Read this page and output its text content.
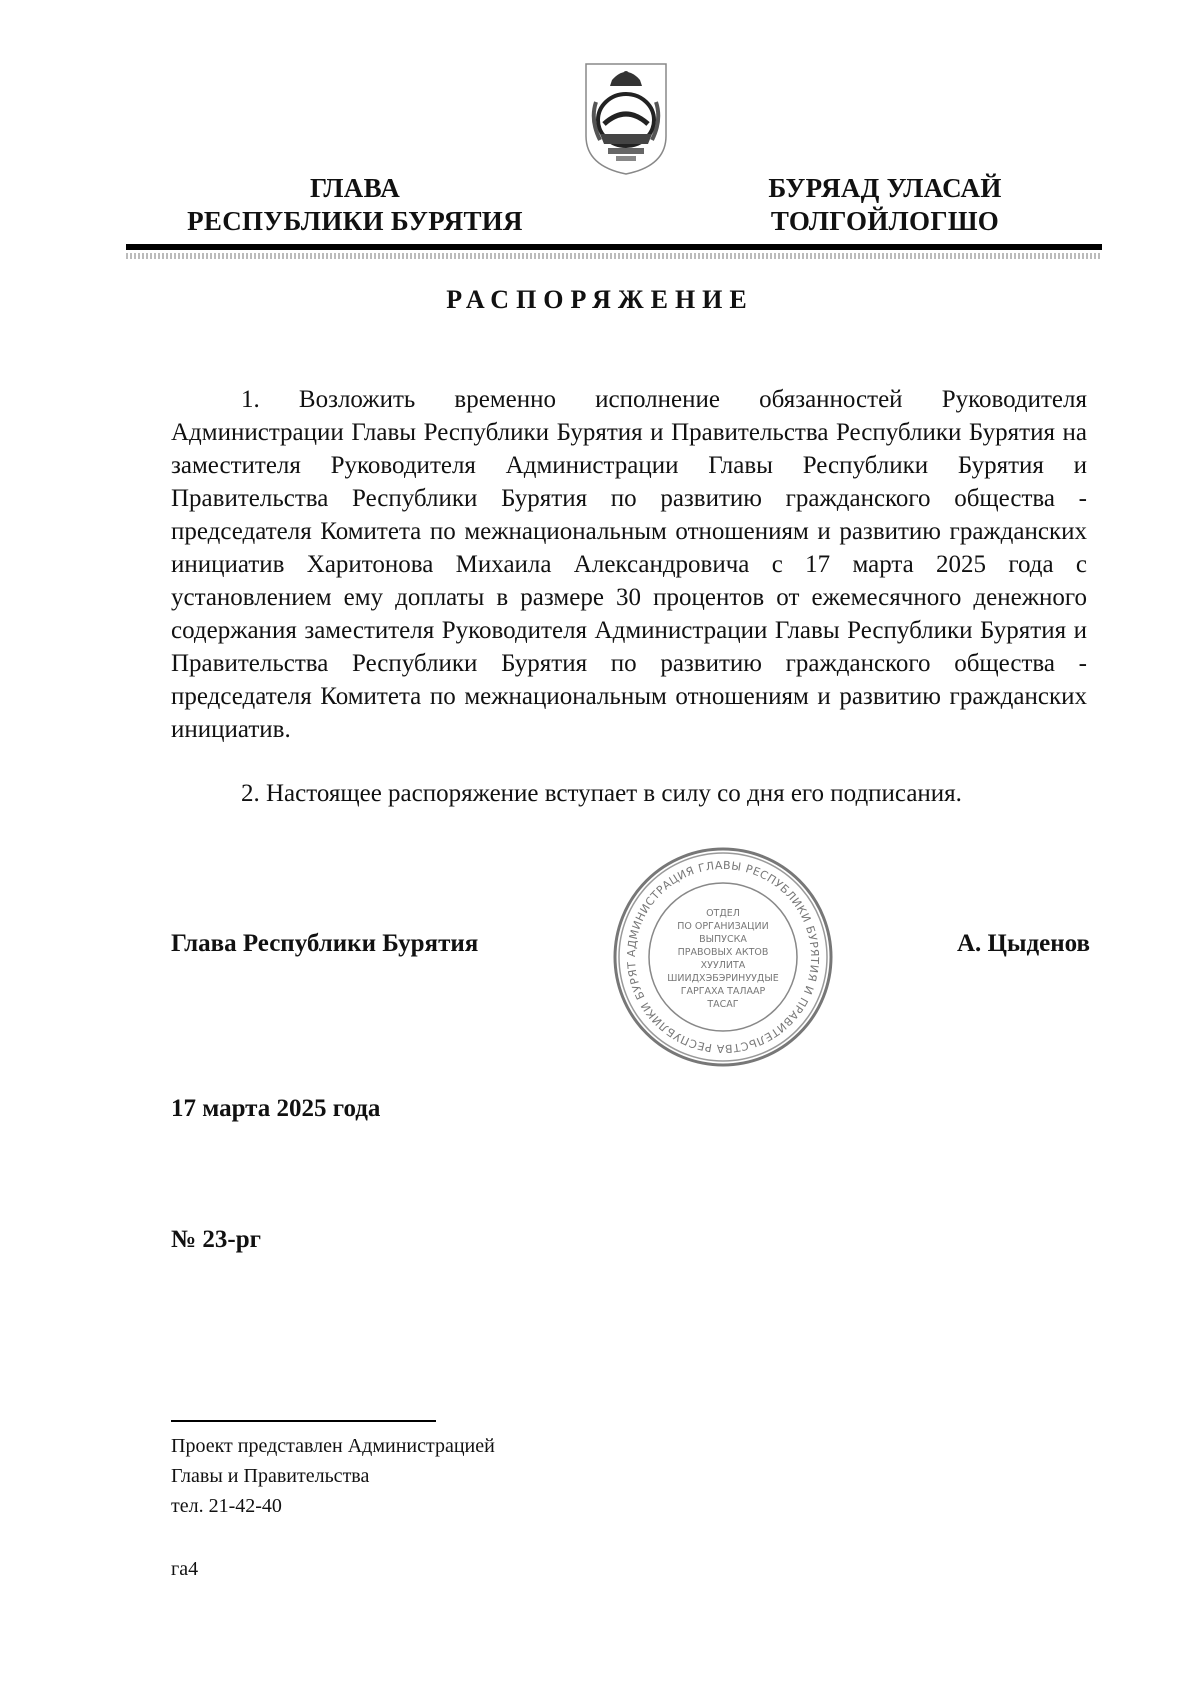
ГЛАВА
РЕСПУБЛИКИ БУРЯТИЯ
БУРЯАД УЛАСАЙ
ТОЛГОЙЛОГШО
РАСПОРЯЖЕНИЕ
1. Возложить временно исполнение обязанностей Руководителя Администрации Главы Республики Бурятия и Правительства Республики Бурятия на заместителя Руководителя Администрации Главы Республики Бурятия и Правительства Республики Бурятия по развитию гражданского общества - председателя Комитета по межнациональным отношениям и развитию гражданских инициатив Харитонова Михаила Александровича с 17 марта 2025 года с установлением ему доплаты в размере 30 процентов от ежемесячного денежного содержания заместителя Руководителя Администрации Главы Республики Бурятия и Правительства Республики Бурятия по развитию гражданского общества - председателя Комитета по межнациональным отношениям и развитию гражданских инициатив.
2. Настоящее распоряжение вступает в силу со дня его подписания.
Глава Республики Бурятия	А. Цыденов
АДМИНИСТРАЦИЯ ГЛАВЫ РЕСПУБЛИКИ БУРЯТИЯ И ПРАВИТЕЛЬСТВА РЕСПУБЛИКИ БУРЯТ
ОТДЕЛ
ПО ОРГАНИЗАЦИИ
ВЫПУСКА
ПРАВОВЫХ АКТОВ
ХУУЛИТА
ШИИДХЭБЭРИНУУДЫЕ
ГАРГАХА ТАЛААР
ТАСАГ
17 марта 2025 года
№ 23-рг
Проект представлен Администрацией
Главы и Правительства
тел. 21-42-40
га4
